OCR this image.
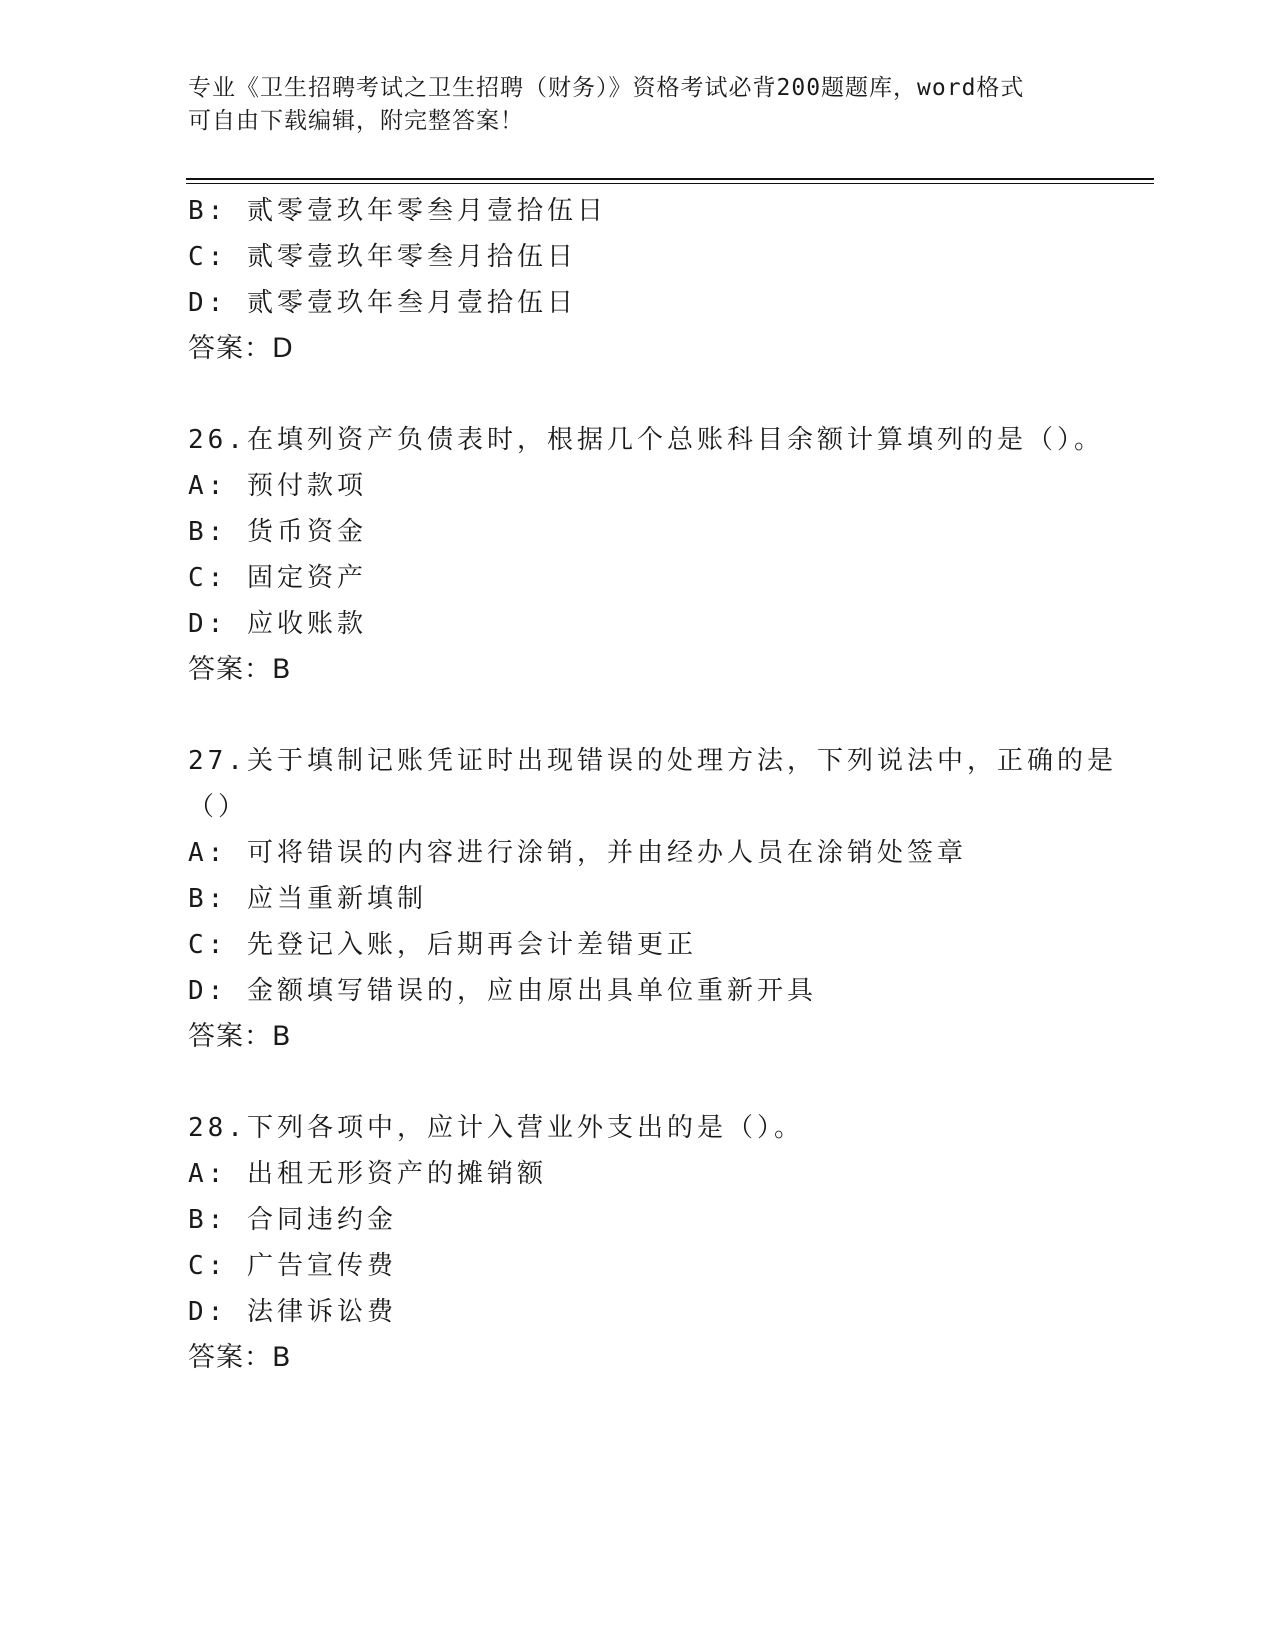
专业《卫生招聘考试之卫生招聘（财务）》资格考试必背200题题库，word格式
可自由下载编辑，附完整答案！
B: 贰零壹玖年零叁月壹拾伍日
C: 贰零壹玖年零叁月拾伍日
D: 贰零壹玖年叁月壹拾伍日
答案：D
26.在填列资产负债表时，根据几个总账科目余额计算填列的是（）。
A: 预付款项
B: 货币资金
C: 固定资产
D: 应收账款
答案：B
27.关于填制记账凭证时出现错误的处理方法，下列说法中，正确的是
（）
A: 可将错误的内容进行涂销，并由经办人员在涂销处签章
B: 应当重新填制
C: 先登记入账，后期再会计差错更正
D: 金额填写错误的，应由原出具单位重新开具
答案：B
28.下列各项中，应计入营业外支出的是（）。
A: 出租无形资产的摊销额
B: 合同违约金
C: 广告宣传费
D: 法律诉讼费
答案：B
